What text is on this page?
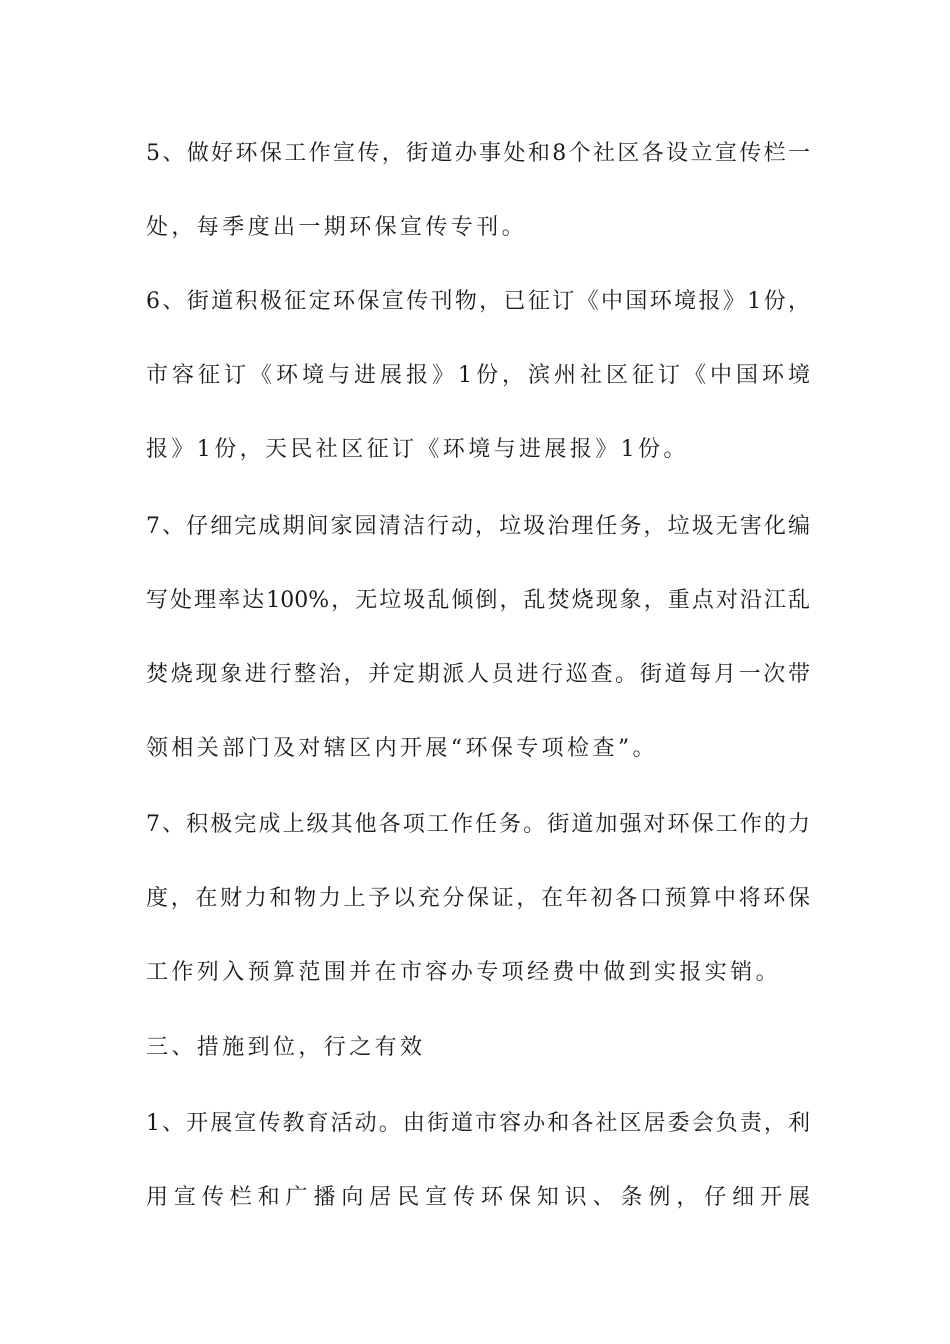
5、做好环保工作宣传，街道办事处和8个社区各设立宣传栏一
处，每季度出一期环保宣传专刊。
6、街道积极征定环保宣传刊物，已征订《中国环境报》1份，
市容征订《环境与进展报》1份，滨州社区征订《中国环境
报》1份，天民社区征订《环境与进展报》1份。
7、仔细完成期间家园清洁行动，垃圾治理任务，垃圾无害化编
写处理率达100%，无垃圾乱倾倒，乱焚烧现象，重点对沿江乱
焚烧现象进行整治，并定期派人员进行巡查。街道每月一次带
领相关部门及对辖区内开展“环保专项检查”。
7、积极完成上级其他各项工作任务。街道加强对环保工作的力
度，在财力和物力上予以充分保证，在年初各口预算中将环保
工作列入预算范围并在市容办专项经费中做到实报实销。
三、措施到位，行之有效
1、开展宣传教育活动。由街道市容办和各社区居委会负责，利
用宣传栏和广播向居民宣传环保知识、条例，仔细开展
